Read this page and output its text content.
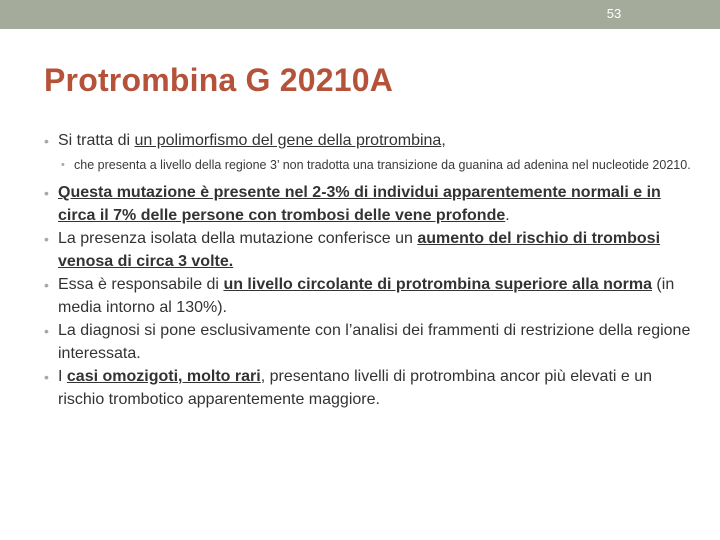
53
Protrombina G 20210A
• Si tratta di un polimorfismo del gene della protrombina,
• che presenta a livello della regione 3’ non tradotta una transizione da guanina ad adenina nel nucleotide 20210.
• Questa mutazione è presente nel 2-3% di individui apparentemente normali e in circa il 7% delle persone con trombosi delle vene profonde.
• La presenza isolata della mutazione conferisce un aumento del rischio di trombosi venosa di circa 3 volte.
• Essa è responsabile di un livello circolante di protrombina superiore alla norma (in media intorno al 130%).
• La diagnosi si pone esclusivamente con l’analisi dei frammenti di restrizione della regione interessata.
• I casi omozigoti, molto rari, presentano livelli di protrombina ancor più elevati e un rischio trombotico apparentemente maggiore.
